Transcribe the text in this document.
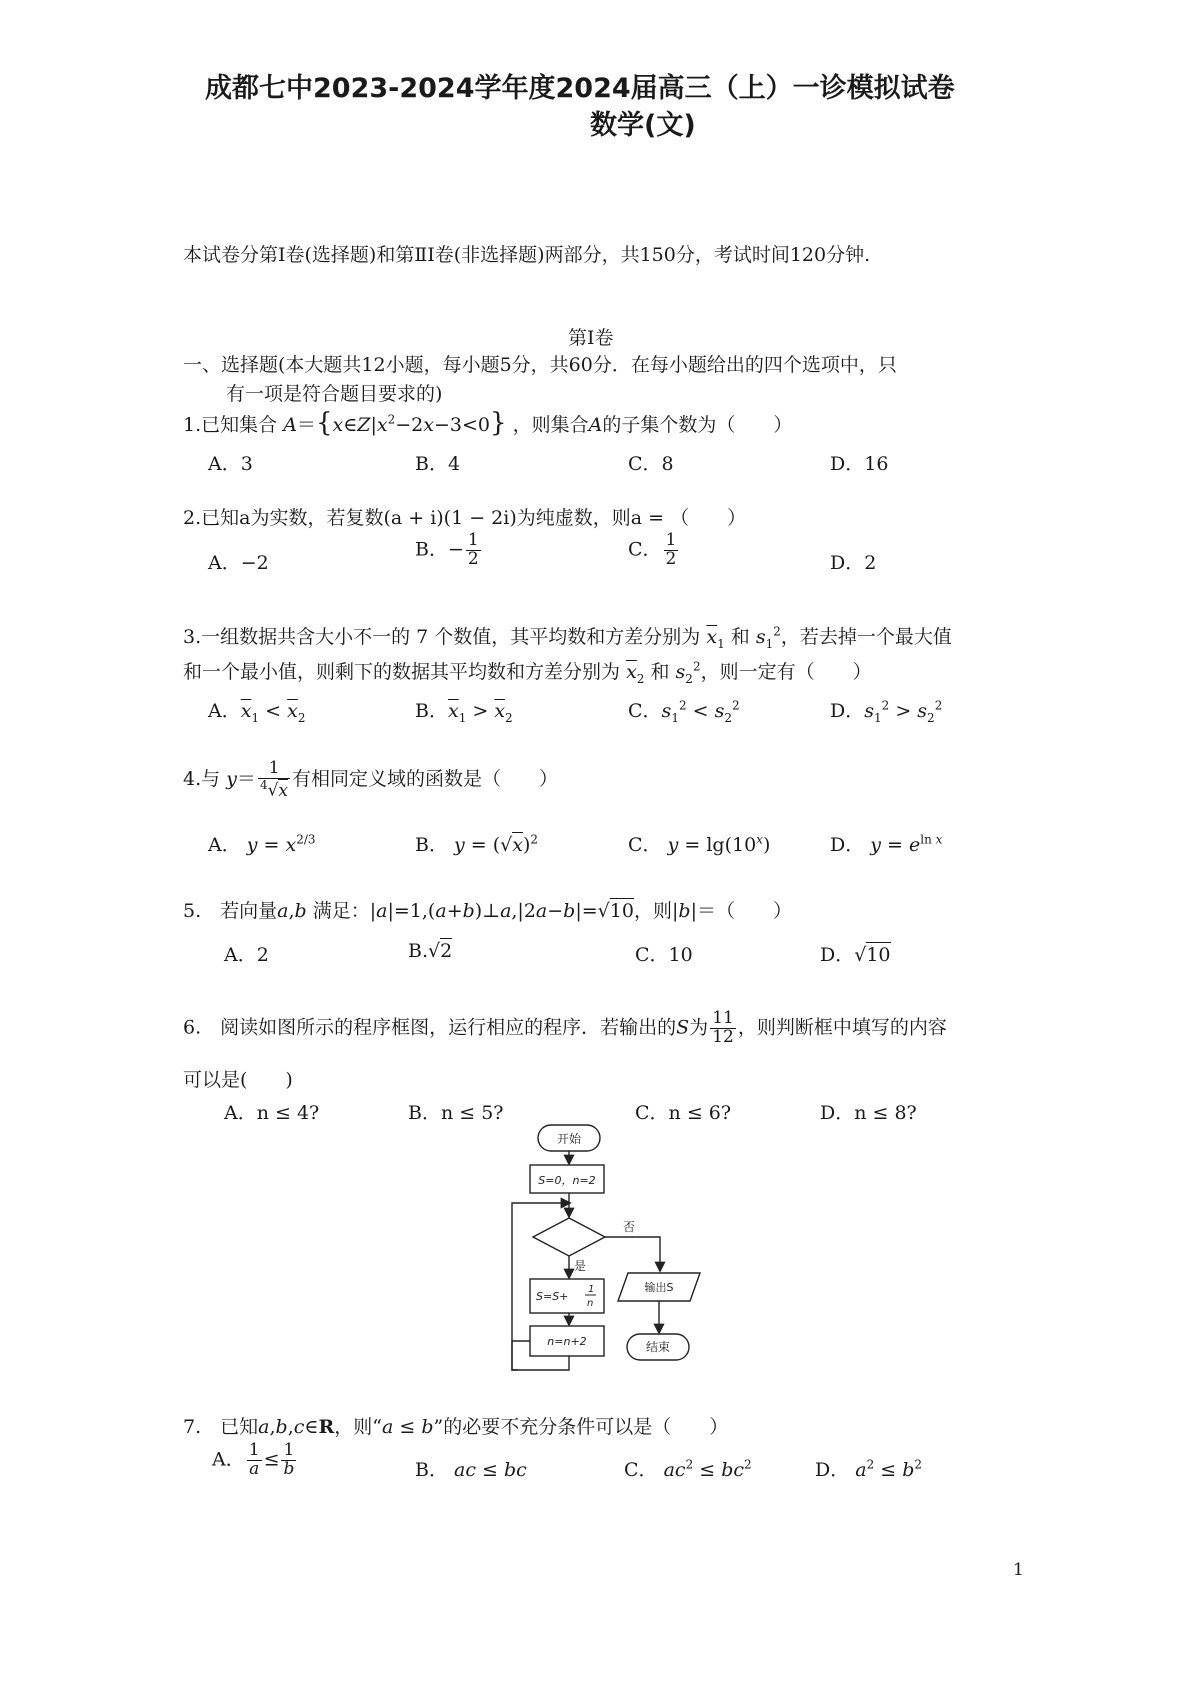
成都七中2023-2024学年度2024届高三（上）一诊模拟试卷
数学(文)
本试卷分第Ⅰ卷(选择题)和第ⅡⅠ卷(非选择题)两部分，共150分，考试时间120分钟.
第Ⅰ卷
一、选择题(本大题共12小题，每小题5分，共60分．在每小题给出的四个选项中，只
有一项是符合题目要求的)
1.已知集合 $A=\{x\in Z|x^2-2x-3<0\}$ ，则集合A的子集个数为（　　）
A．3	B．4	C．8	D．16
2.已知a为实数，若复数(a + i)(1 − 2i)为纯虚数，则a = （　　）
A．−2
B．− $\frac{1}{2}$	C． $\frac{1}{2}$	D．2
3.一组数据共含大小不一的 7 个数值，其平均数和方差分别为 $\overline{x}_1$ 和 $s_1^2$，若去掉一个最大值
和一个最小值，则剩下的数据其平均数和方差分别为 $\overline{x}_2$ 和 $s_2^2$，则一定有（　　）
A．$\overline{x}_1 < \overline{x}_2$	B．$\overline{x}_1 > \overline{x}_2$	C．$s_1^2 < s_2^2$	D．$s_1^2 > s_2^2$
4.与 $y= \frac{1}{^4√x}$ 有相同定义域的函数是（　　）
A． $y = x^{2/3}$	B． $y = (√x)^2$	C． $y = \lg(10^x)$	D． $y = e^{ln x}$
5.　若向量a,b 满足：|a|=1,(a+b)⊥a,|2a−b|=√10，则|b|＝（　　）
A．2	B.√2	C．10	D．√10
6.　阅读如图所示的程序框图，运行相应的程序．若输出的S为 $\frac{11}{12}$ ，则判断框中填写的内容
可以是(　　)
A．n ≤ 4?	B．n ≤ 5?	C．n ≤ 6?	D．n ≤ 8?
开始
S=0，n=2
否
是
S=S+
1
n
n=n+2
输出S
结束
7.　已知a,b,c∈R，则“a ≤ b”的必要不充分条件可以是（　　）
A． $\frac{1}{a} \le \frac{1}{b}$	B． ac ≤ bc	C． $ac^2 \le bc^2$	D． $a^2 \le b^2$
1
